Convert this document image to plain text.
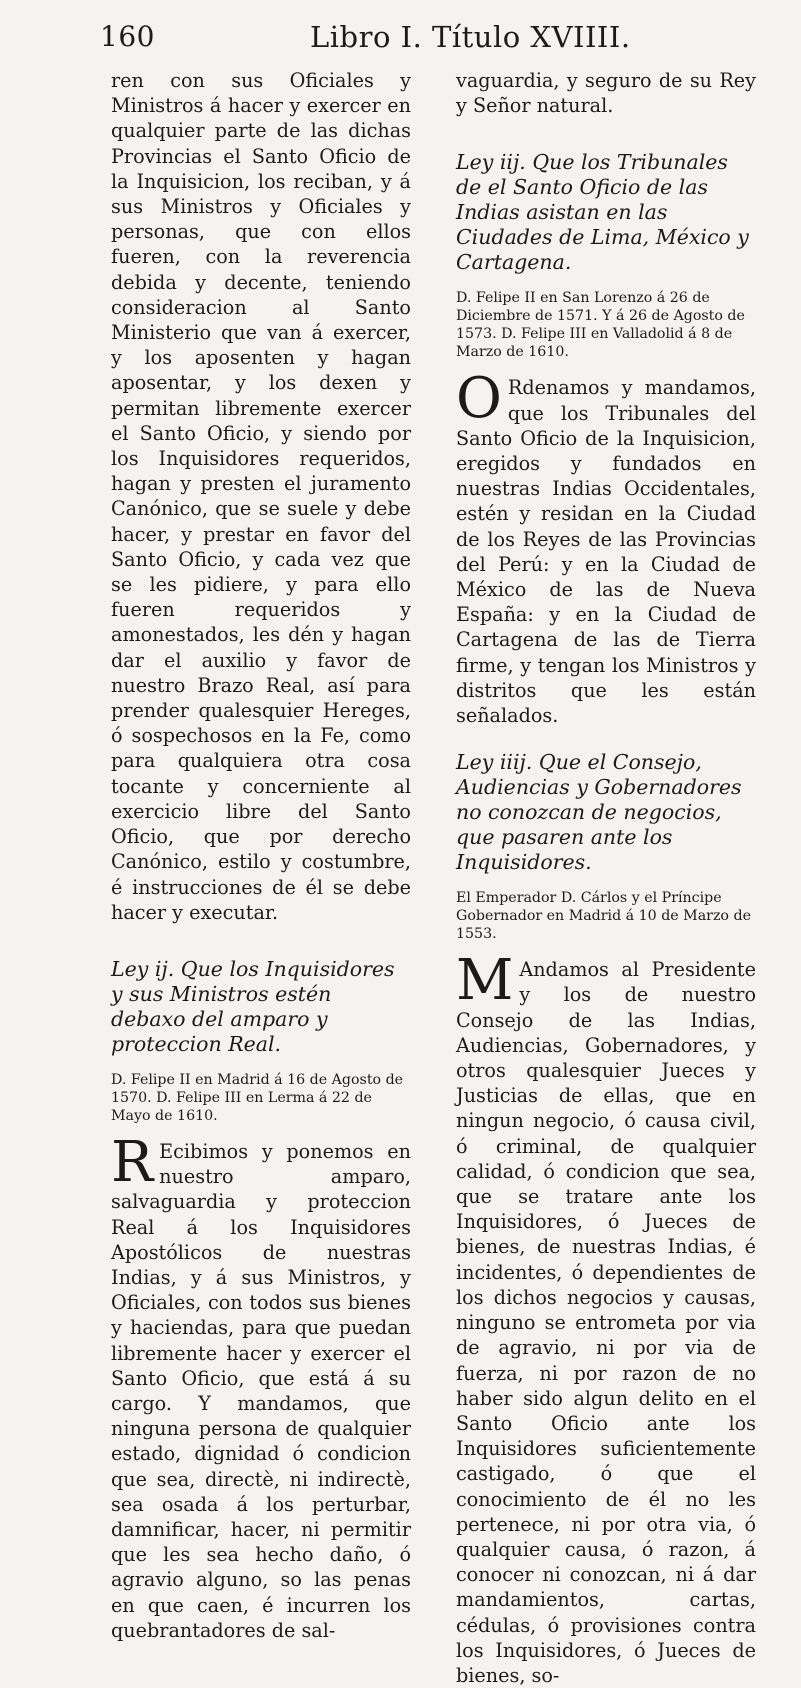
160	Libro I. Título XVIIII.

ren con sus Oficiales y Ministros á hacer y exercer en qualquier parte de las dichas Provincias el Santo Oficio de la Inquisicion, los reciban, y á sus Ministros y Oficiales y personas, que con ellos fueren, con la reverencia debida y decente, teniendo consideracion al Santo Ministerio que van á exercer, y los aposenten y hagan aposentar, y los dexen y permitan libremente exercer el Santo Oficio, y siendo por los Inquisidores requeridos, hagan y presten el juramento Canónico, que se suele y debe hacer, y prestar en favor del Santo Oficio, y cada vez que se les pidiere, y para ello fueren requeridos y amonestados, les dén y hagan dar el auxilio y favor de nuestro Brazo Real, así para prender qualesquier Hereges, ó sospechosos en la Fe, como para qualquiera otra cosa tocante y concerniente al exercicio libre del Santo Oficio, que por derecho Canónico, estilo y costumbre, é instrucciones de él se debe hacer y executar.

Ley ij. Que los Inquisidores y sus Ministros estén debaxo del amparo y proteccion Real.

D. Felipe II en Madrid á 16 de Agosto de 1570. D. Felipe III en Lerma á 22 de Mayo de 1610.

R Ecibimos y ponemos en nuestro amparo, salvaguardia y proteccion Real á los Inquisidores Apostólicos de nuestras Indias, y á sus Ministros, y Oficiales, con todos sus bienes y haciendas, para que puedan libremente hacer y exercer el Santo Oficio, que está á su cargo. Y mandamos, que ninguna persona de qualquier estado, dignidad ó condicion que sea, directè, ni indirectè, sea osada á los perturbar, damnificar, hacer, ni permitir que les sea hecho daño, ó agravio alguno, so las penas en que caen, é incurren los quebrantadores de sal-

vaguardia, y seguro de su Rey y Señor natural.

Ley iij. Que los Tribunales de el Santo Oficio de las Indias asistan en las Ciudades de Lima, México y Cartagena.

D. Felipe II en San Lorenzo á 26 de Diciembre de 1571. Y á 26 de Agosto de 1573. D. Felipe III en Valladolid á 8 de Marzo de 1610.

O Rdenamos y mandamos, que los Tribunales del Santo Oficio de la Inquisicion, eregidos y fundados en nuestras Indias Occidentales, estén y residan en la Ciudad de los Reyes de las Provincias del Perú: y en la Ciudad de México de las de Nueva España: y en la Ciudad de Cartagena de las de Tierra firme, y tengan los Ministros y distritos que les están señalados.

Ley iiij. Que el Consejo, Audiencias y Gobernadores no conozcan de negocios, que pasaren ante los Inquisidores.

El Emperador D. Cárlos y el Príncipe Gobernador en Madrid á 10 de Marzo de 1553.

M Andamos al Presidente y los de nuestro Consejo de las Indias, Audiencias, Gobernadores, y otros qualesquier Jueces y Justicias de ellas, que en ningun negocio, ó causa civil, ó criminal, de qualquier calidad, ó condicion que sea, que se tratare ante los Inquisidores, ó Jueces de bienes, de nuestras Indias, é incidentes, ó dependientes de los dichos negocios y causas, ninguno se entrometa por via de agravio, ni por via de fuerza, ni por razon de no haber sido algun delito en el Santo Oficio ante los Inquisidores suficientemente castigado, ó que el conocimiento de él no les pertenece, ni por otra via, ó qualquier causa, ó razon, á conocer ni conozcan, ni á dar mandamientos, cartas, cédulas, ó provisiones contra los Inquisidores, ó Jueces de bienes, so-
